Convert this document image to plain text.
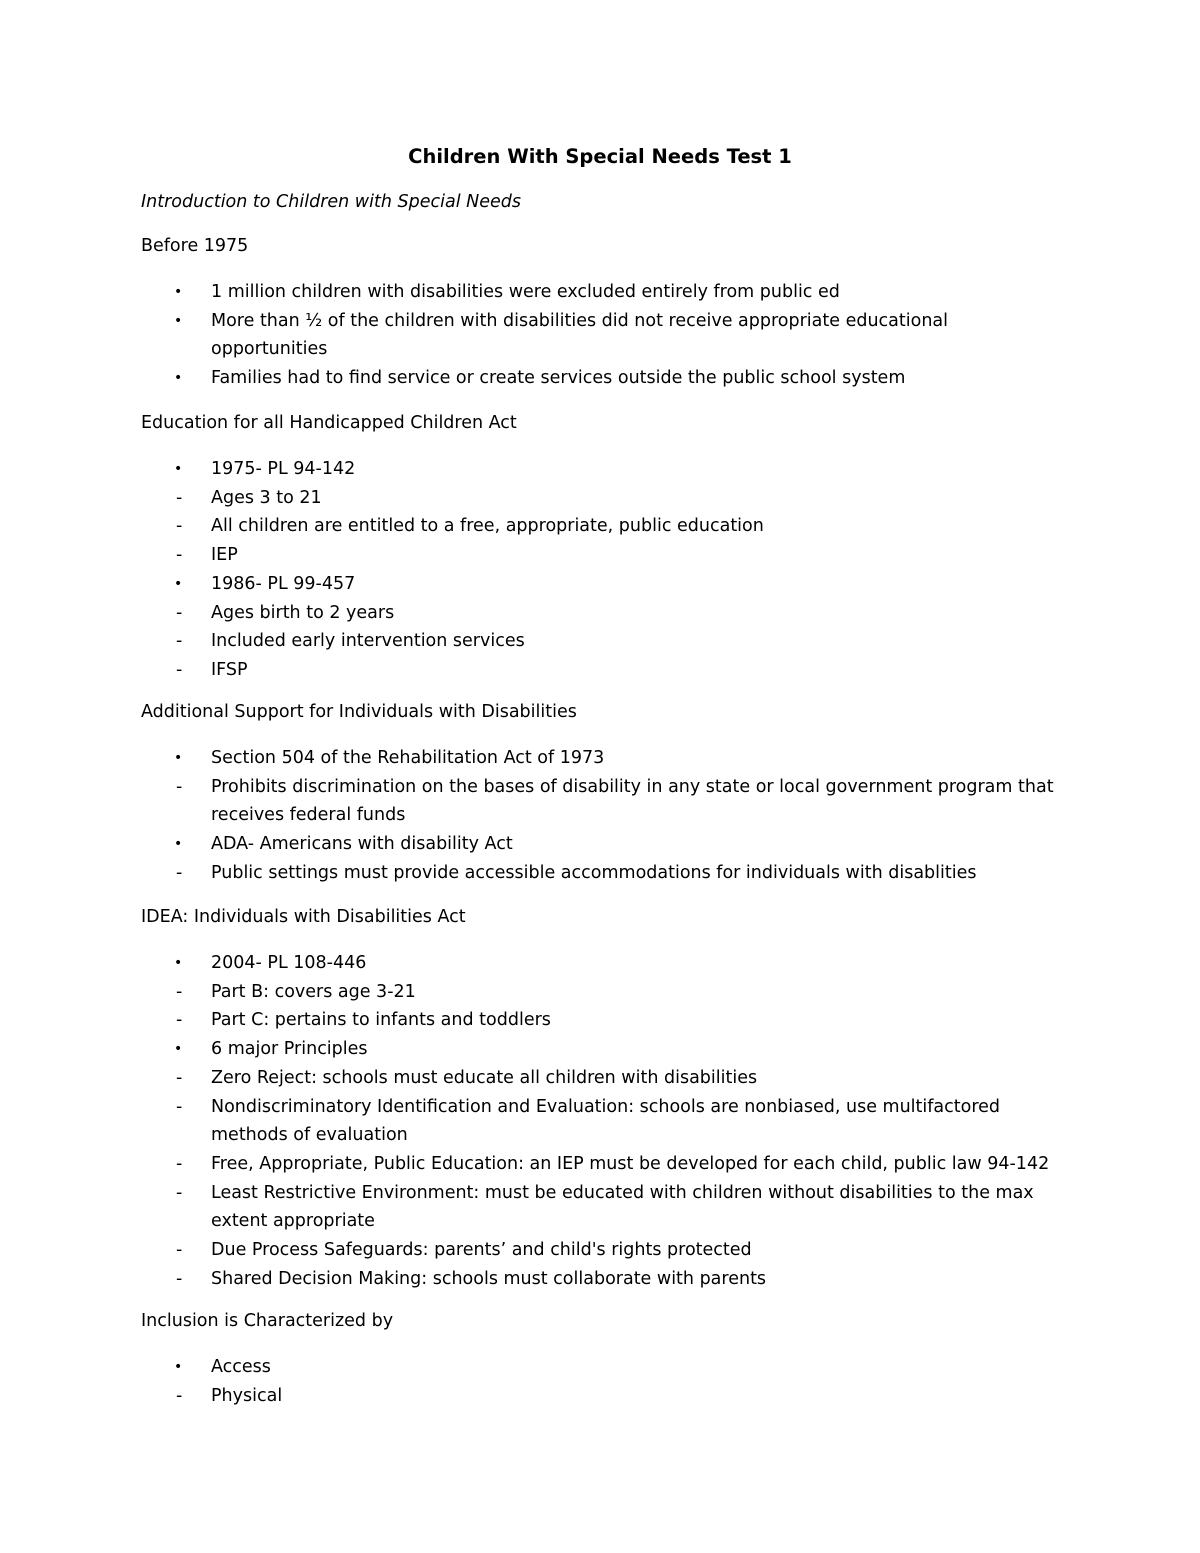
Children With Special Needs Test 1

Introduction to Children with Special Needs

Before 1975

•	1 million children with disabilities were excluded entirely from public ed
•	More than ½ of the children with disabilities did not receive appropriate educational opportunities
•	Families had to find service or create services outside the public school system

Education for all Handicapped Children Act

•	1975- PL 94-142
-	Ages 3 to 21
-	All children are entitled to a free, appropriate, public education
-	IEP
•	1986- PL 99-457
-	Ages birth to 2 years
-	Included early intervention services
-	IFSP

Additional Support for Individuals with Disabilities

•	Section 504 of the Rehabilitation Act of 1973
-	Prohibits discrimination on the bases of disability in any state or local government program that receives federal funds
•	ADA- Americans with disability Act
-	Public settings must provide accessible accommodations for individuals with disablities

IDEA: Individuals with Disabilities Act

•	2004- PL 108-446
-	Part B: covers age 3-21
-	Part C: pertains to infants and toddlers
•	6 major Principles
-	Zero Reject: schools must educate all children with disabilities
-	Nondiscriminatory Identification and Evaluation: schools are nonbiased, use multifactored methods of evaluation
-	Free, Appropriate, Public Education: an IEP must be developed for each child, public law 94-142
-	Least Restrictive Environment: must be educated with children without disabilities to the max extent appropriate
-	Due Process Safeguards: parents’ and child's rights protected
-	Shared Decision Making: schools must collaborate with parents

Inclusion is Characterized by

•	Access
-	Physical
